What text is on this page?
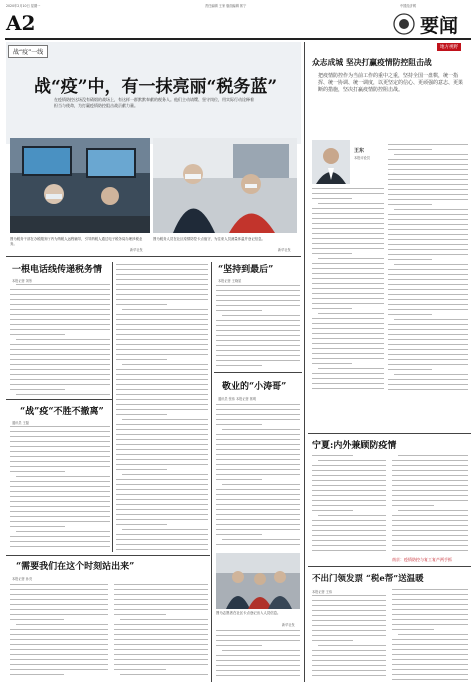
2020年2月10日 星期一	责任编辑 王家 版面编辑 郭宁	中国经济网
A2	要闻
战“疫”一线
战“疫”中，有一抹亮丽“税务蓝”
在疫情防控这场没有硝烟的战场上，有这样一群默默奉献的税务人。他们主动请缨、坚守岗位，用实际行动诠释着担当与使命，为打赢疫情防控阻击战贡献力量。
图为税务干部在办税服务厅内为纳税人远程辅导，引导纳税人通过电子税务局办理涉税业务。
新华社发
图为税务人员在社区疫情防控卡点值守，为往来人员测量体温并登记信息。
新华社发
一根电话线传递税务情
本报记者 刘彤
“战”疫“不胜不撤离”
通讯员 王磊
“需要我们在这个时刻站出来”
本报记者 孙亮
“坚持到最后”
本报记者 王晓星
敬业的“小涛哥”
通讯员 张伟 本报记者 郭明
图为志愿者在社区卡点登记出入人员信息。
新华社发
地方视野
众志成城 坚决打赢疫情防控阻击战
把疫情防控作为当前工作的重中之重，坚持全国一盘棋，统一指挥、统一协调、统一调度，以更坚定的信心、更顽强的意志、更果断的措施，坚决打赢疫情防控阻击战。
王东
本报评论员
宁夏:内外兼顾防疫情
南京：疫情防控与复工复产两手抓
不出门领发票 “税e帮”送温暖
本报记者 王伟
